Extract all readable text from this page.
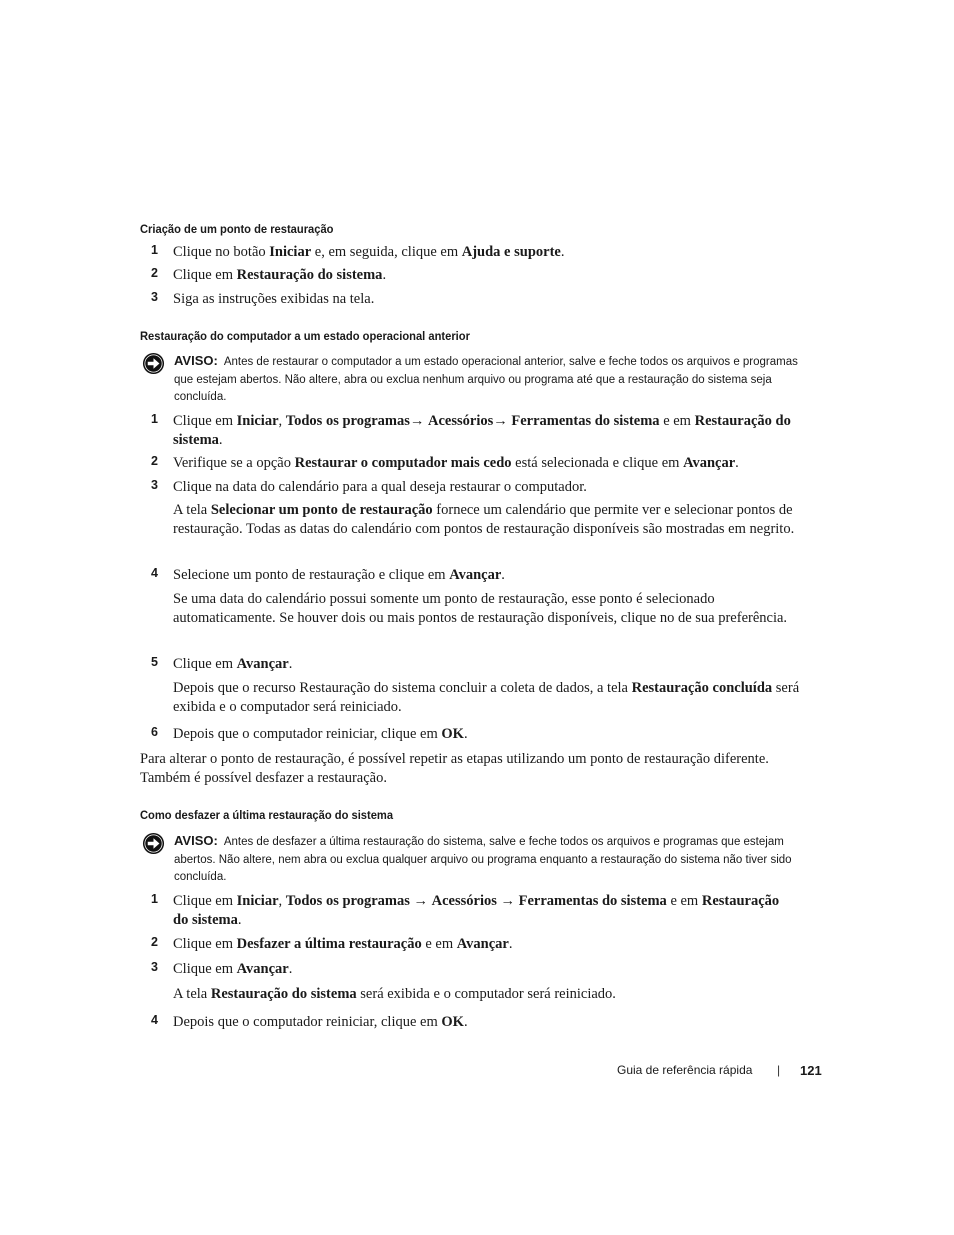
Criação de um ponto de restauração
1 Clique no botão Iniciar e, em seguida, clique em Ajuda e suporte.
2 Clique em Restauração do sistema.
3 Siga as instruções exibidas na tela.
Restauração do computador a um estado operacional anterior
AVISO: Antes de restaurar o computador a um estado operacional anterior, salve e feche todos os arquivos e programas que estejam abertos. Não altere, abra ou exclua nenhum arquivo ou programa até que a restauração do sistema seja concluída.
1 Clique em Iniciar, Todos os programas→ Acessórios→ Ferramentas do sistema e em Restauração do sistema.
2 Verifique se a opção Restaurar o computador mais cedo está selecionada e clique em Avançar.
3 Clique na data do calendário para a qual deseja restaurar o computador.
A tela Selecionar um ponto de restauração fornece um calendário que permite ver e selecionar pontos de restauração. Todas as datas do calendário com pontos de restauração disponíveis são mostradas em negrito.
4 Selecione um ponto de restauração e clique em Avançar.
Se uma data do calendário possui somente um ponto de restauração, esse ponto é selecionado automaticamente. Se houver dois ou mais pontos de restauração disponíveis, clique no de sua preferência.
5 Clique em Avançar.
Depois que o recurso Restauração do sistema concluir a coleta de dados, a tela Restauração concluída será exibida e o computador será reiniciado.
6 Depois que o computador reiniciar, clique em OK.
Para alterar o ponto de restauração, é possível repetir as etapas utilizando um ponto de restauração diferente. Também é possível desfazer a restauração.
Como desfazer a última restauração do sistema
AVISO: Antes de desfazer a última restauração do sistema, salve e feche todos os arquivos e programas que estejam abertos. Não altere, nem abra ou exclua qualquer arquivo ou programa enquanto a restauração do sistema não tiver sido concluída.
1 Clique em Iniciar, Todos os programas → Acessórios → Ferramentas do sistema e em Restauração do sistema.
2 Clique em Desfazer a última restauração e em Avançar.
3 Clique em Avançar.
A tela Restauração do sistema será exibida e o computador será reiniciado.
4 Depois que o computador reiniciar, clique em OK.
Guia de referência rápida | 121
